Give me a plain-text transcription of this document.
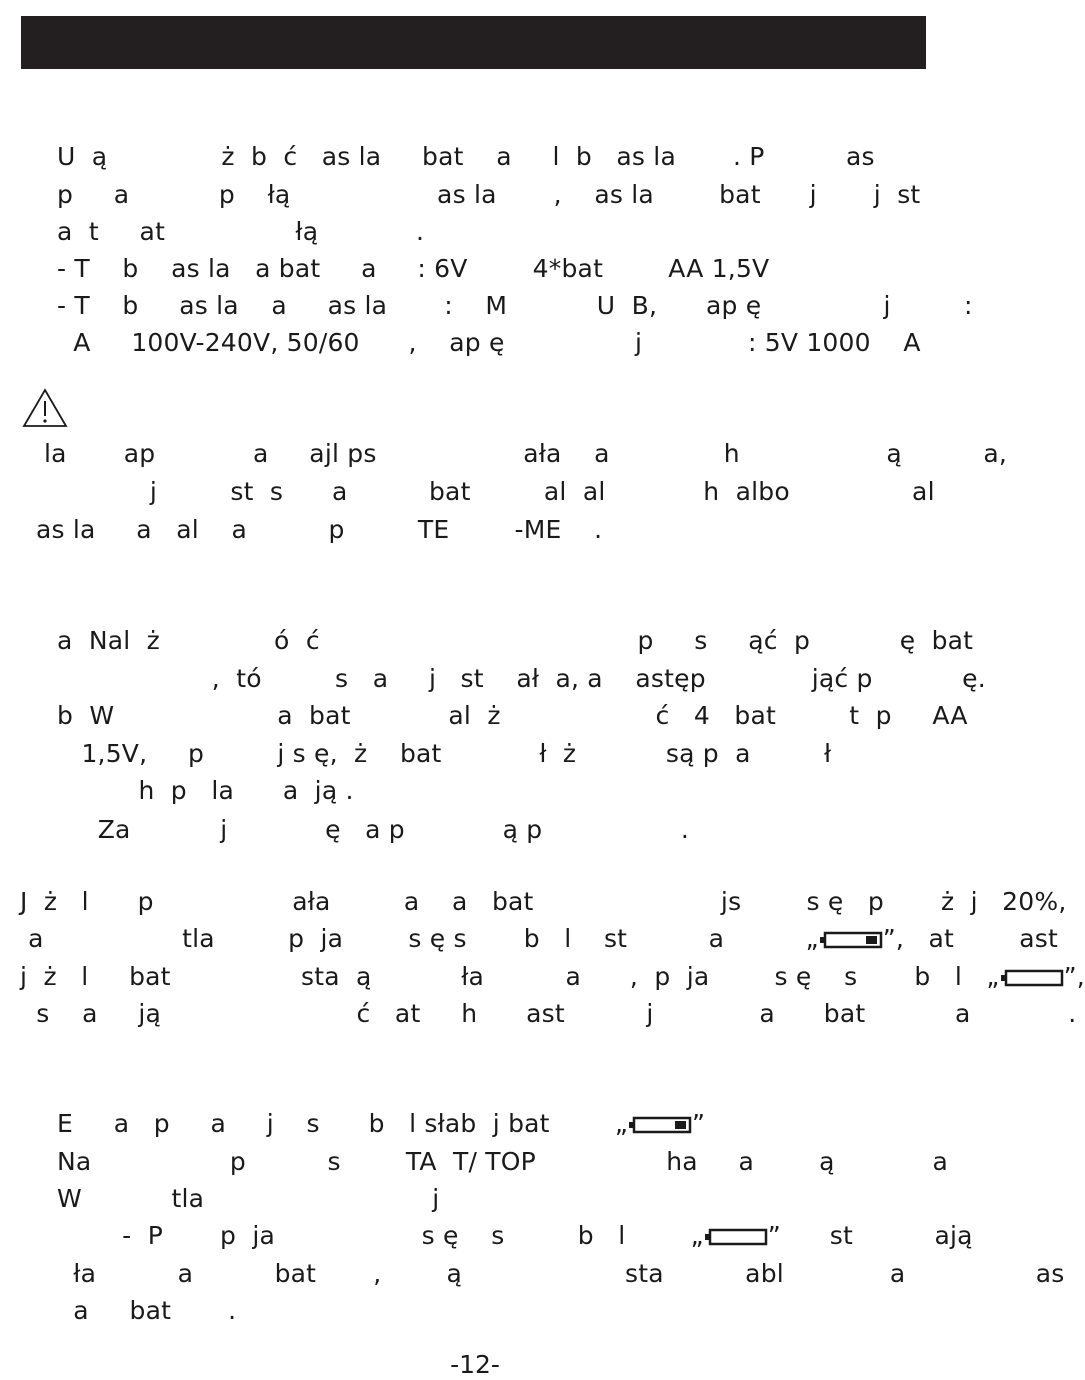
U  ą              ż  b  ć   as la     bat    a     l  b   as la       . P          as
p     a           p    łą                  as la       ,    as la        bat      j       j  st
a  t     at                łą            .
- T    b    as la   a bat     a     : 6V        4*bat        AA 1,5V
- T    b     as la    a     as la       :    M           U  B,      ap ę               j         :
A     100V-240V, 50/60      ,    ap ę                j             : 5V 1000    A
la       ap            a     ajl ps                  ała    a              h                  ą          a,
j         st  s      a          bat         al  al            h  albo               al
as la     a   al    a          p         TE        -ME    .
a  Nal  ż              ó  ć                                       p     s     ąć  p           ę  bat
,  tó         s   a     j   st    ał  a, a    astęp             jąć p           ę.
b  W                    a  bat            al  ż                   ć   4   bat         t  p     AA
1,5V,     p         j s ę,  ż    bat            ł  ż           są p  a         ł
h  p   la      a  ją .
Za           j            ę   a p            ą p                 .
J  ż   l      p                 ała         a    a   bat                       js        s ę   p       ż  j   20%,
a                 tla         p  ja        s ę s       b   l    st          a          „	”,   at        ast
j  ż   l     bat                sta  ą           ła          a      ,  p  ja        s ę    s       b   l   „	”,
s    a     ją                        ć   at     h      ast          j             a      bat           a            .
E     a   p     a     j    s      b   l słab  j bat        „	”
Na                 p          s        TA  T/ TOP                ha     a        ą            a
W           tla                            j
-  P       p  ja                  s ę    s         b   l        „	”      st          ają
ła          a          bat       ,        ą                    sta          abl             a                as
a     bat       .
-12-
